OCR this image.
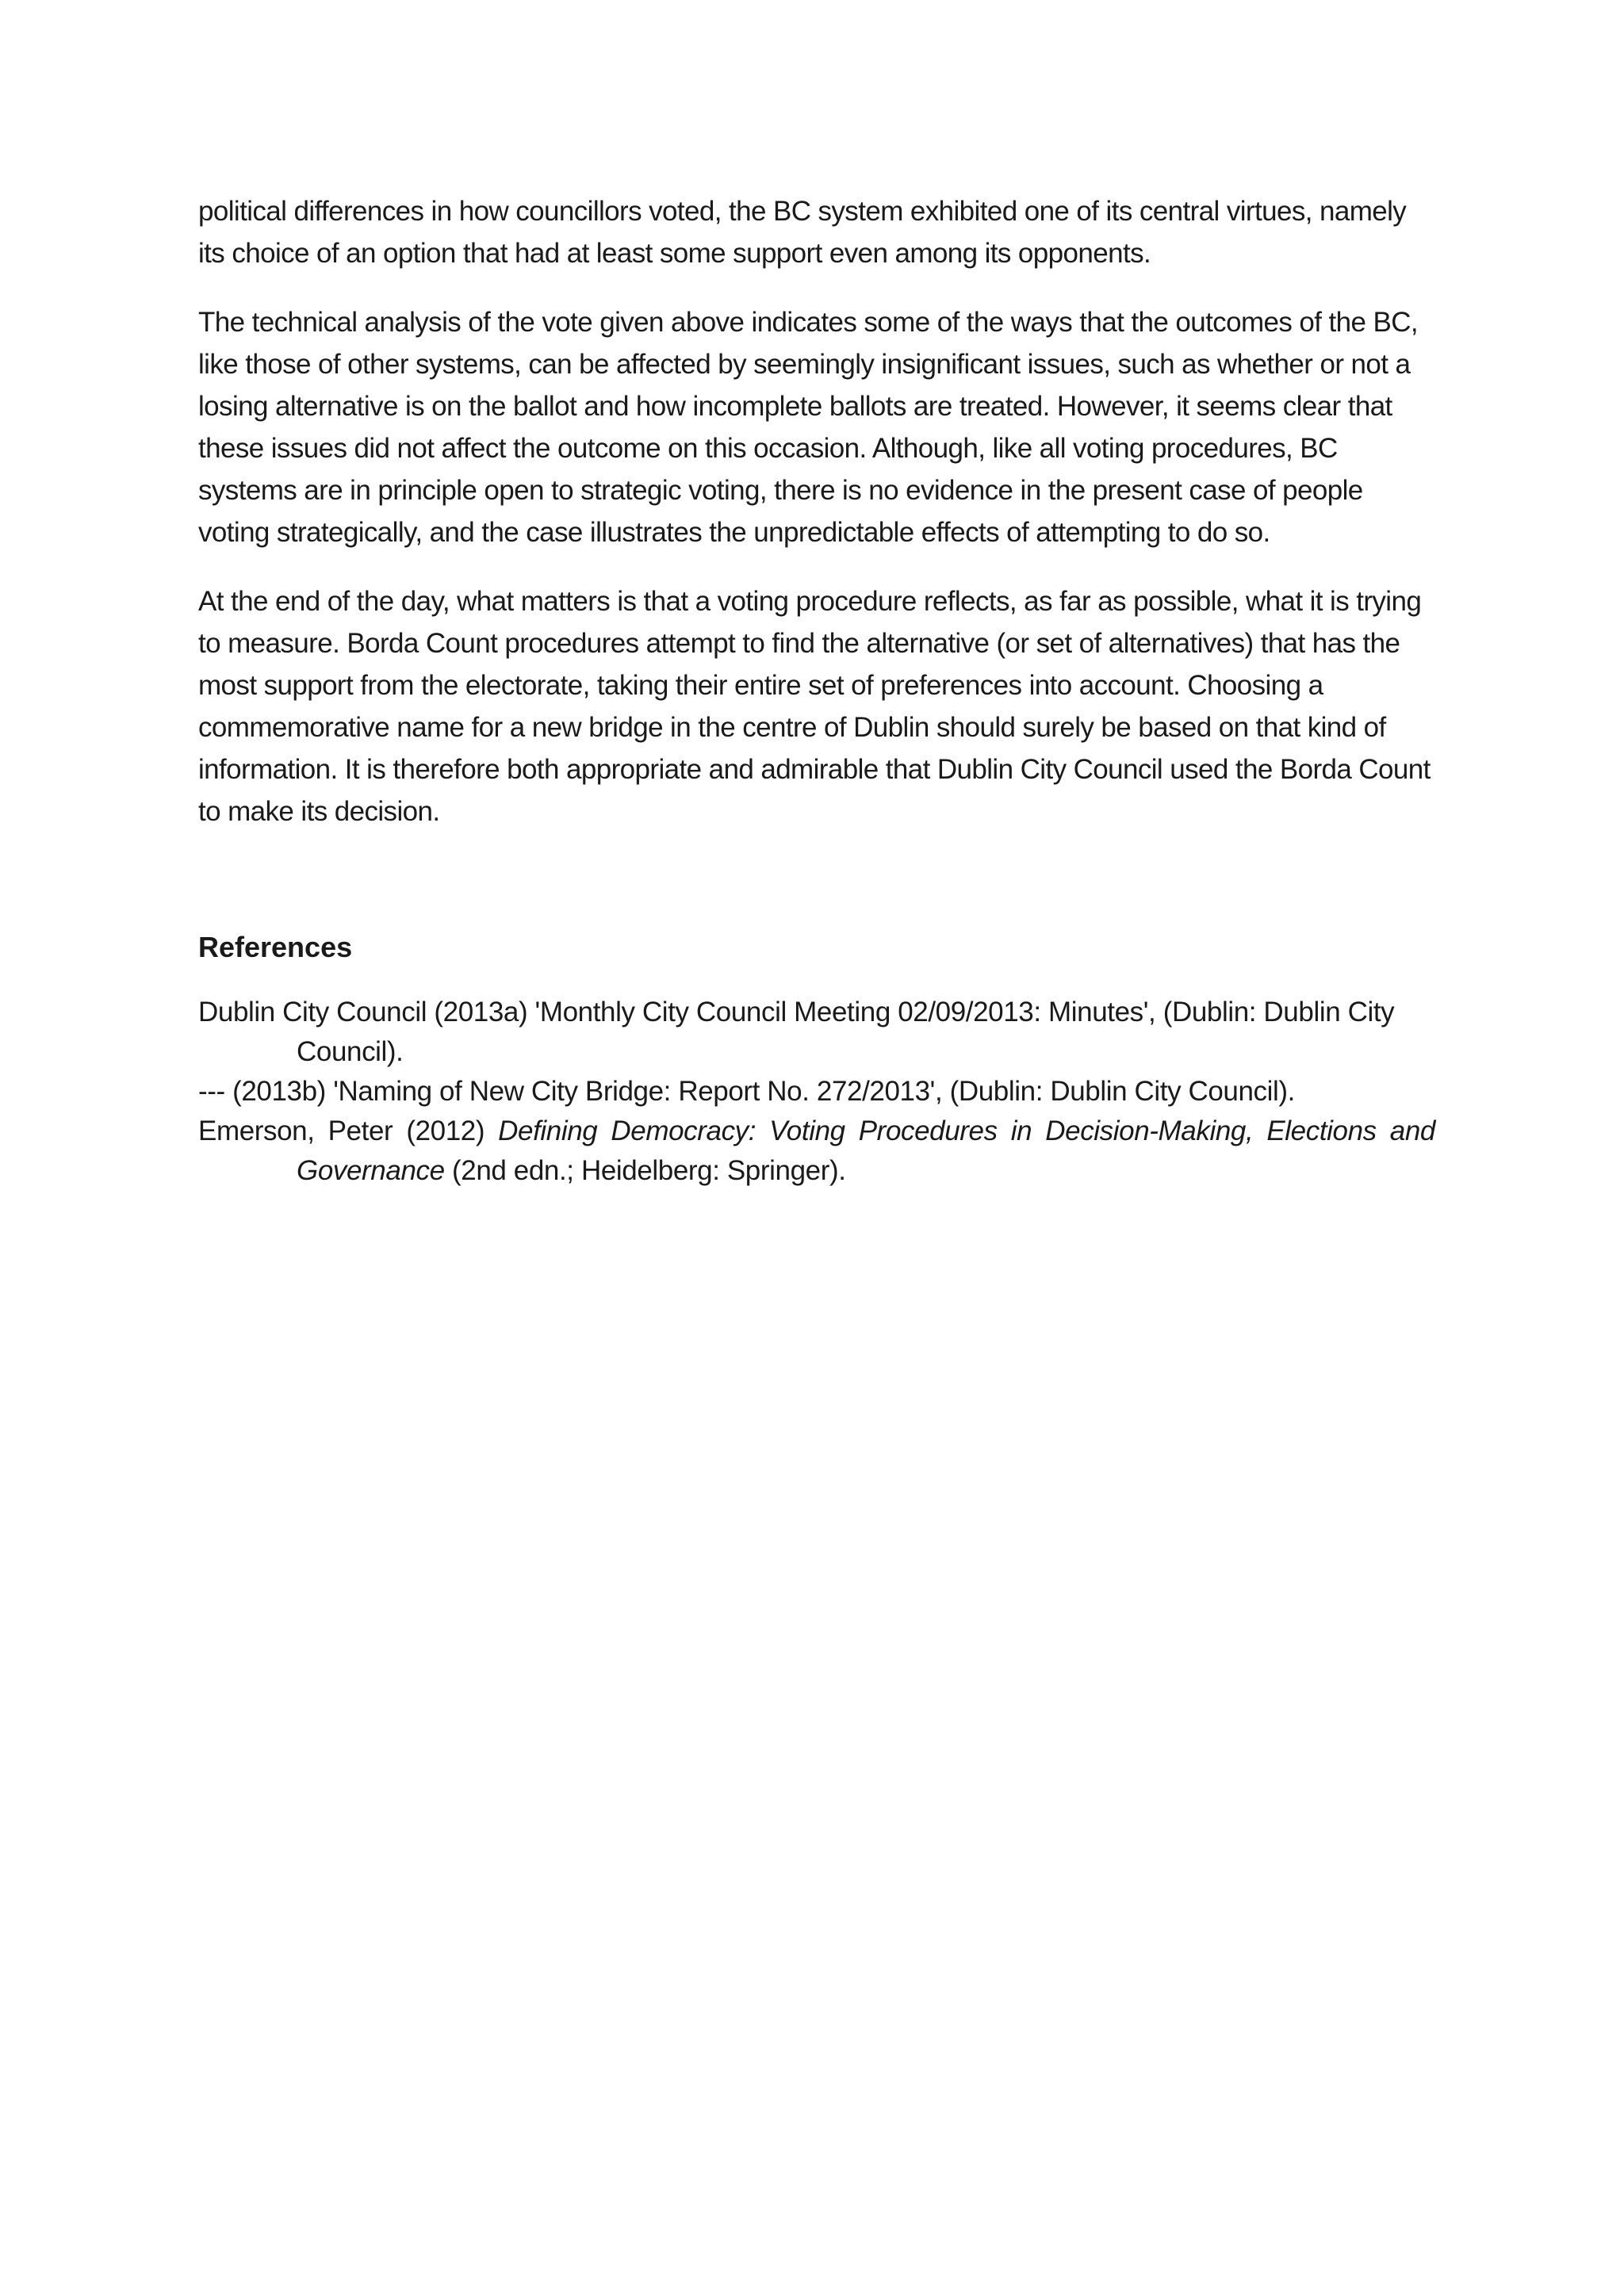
political differences in how councillors voted, the BC system exhibited one of its central virtues, namely its choice of an option that had at least some support even among its opponents.

The technical analysis of the vote given above indicates some of the ways that the outcomes of the BC, like those of other systems, can be affected by seemingly insignificant issues, such as whether or not a losing alternative is on the ballot and how incomplete ballots are treated. However, it seems clear that these issues did not affect the outcome on this occasion. Although, like all voting procedures, BC systems are in principle open to strategic voting, there is no evidence in the present case of people voting strategically, and the case illustrates the unpredictable effects of attempting to do so.

At the end of the day, what matters is that a voting procedure reflects, as far as possible, what it is trying to measure. Borda Count procedures attempt to find the alternative (or set of alternatives) that has the most support from the electorate, taking their entire set of preferences into account. Choosing a commemorative name for a new bridge in the centre of Dublin should surely be based on that kind of information. It is therefore both appropriate and admirable that Dublin City Council used the Borda Count to make its decision.

References

Dublin City Council (2013a) 'Monthly City Council Meeting 02/09/2013: Minutes', (Dublin: Dublin City Council).

--- (2013b) 'Naming of New City Bridge: Report No. 272/2013', (Dublin: Dublin City Council).

Emerson, Peter (2012) Defining Democracy: Voting Procedures in Decision-Making, Elections and Governance (2nd edn.; Heidelberg: Springer).
